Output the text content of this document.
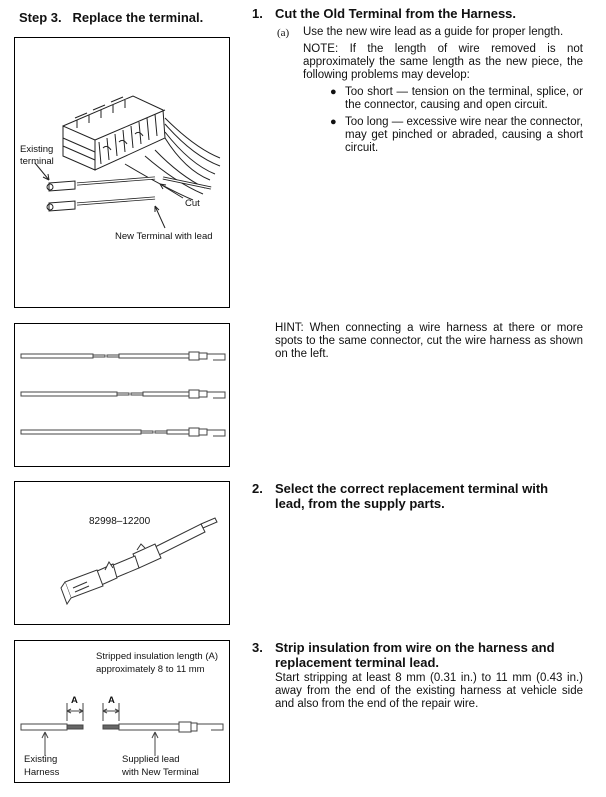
Step 3. Replace the terminal.
Existing
terminal
Cut
New Terminal with lead
82998–12200
Stripped insulation length (A)
approximately 8 to 11 mm
A	A
Existing
Harness
Supplied lead
with New Terminal
1. Cut the Old Terminal from the Harness.
(a) Use the new wire lead as a guide for proper length.
NOTE: If the length of wire removed is not approximately the same length as the new piece, the following problems may develop:
● Too short — tension on the terminal, splice, or the connector, causing and open circuit.
● Too long — excessive wire near the connector, may get pinched or abraded, causing a short circuit.
HINT: When connecting a wire harness at there or more spots to the same connector, cut the wire harness as shown on the left.
2. Select the correct replacement terminal with lead, from the supply parts.
3. Strip insulation from wire on the harness and replacement terminal lead.
Start stripping at least 8 mm (0.31 in.) to 11 mm (0.43 in.) away from the end of the existing harness at vehicle side and also from the end of the repair wire.
